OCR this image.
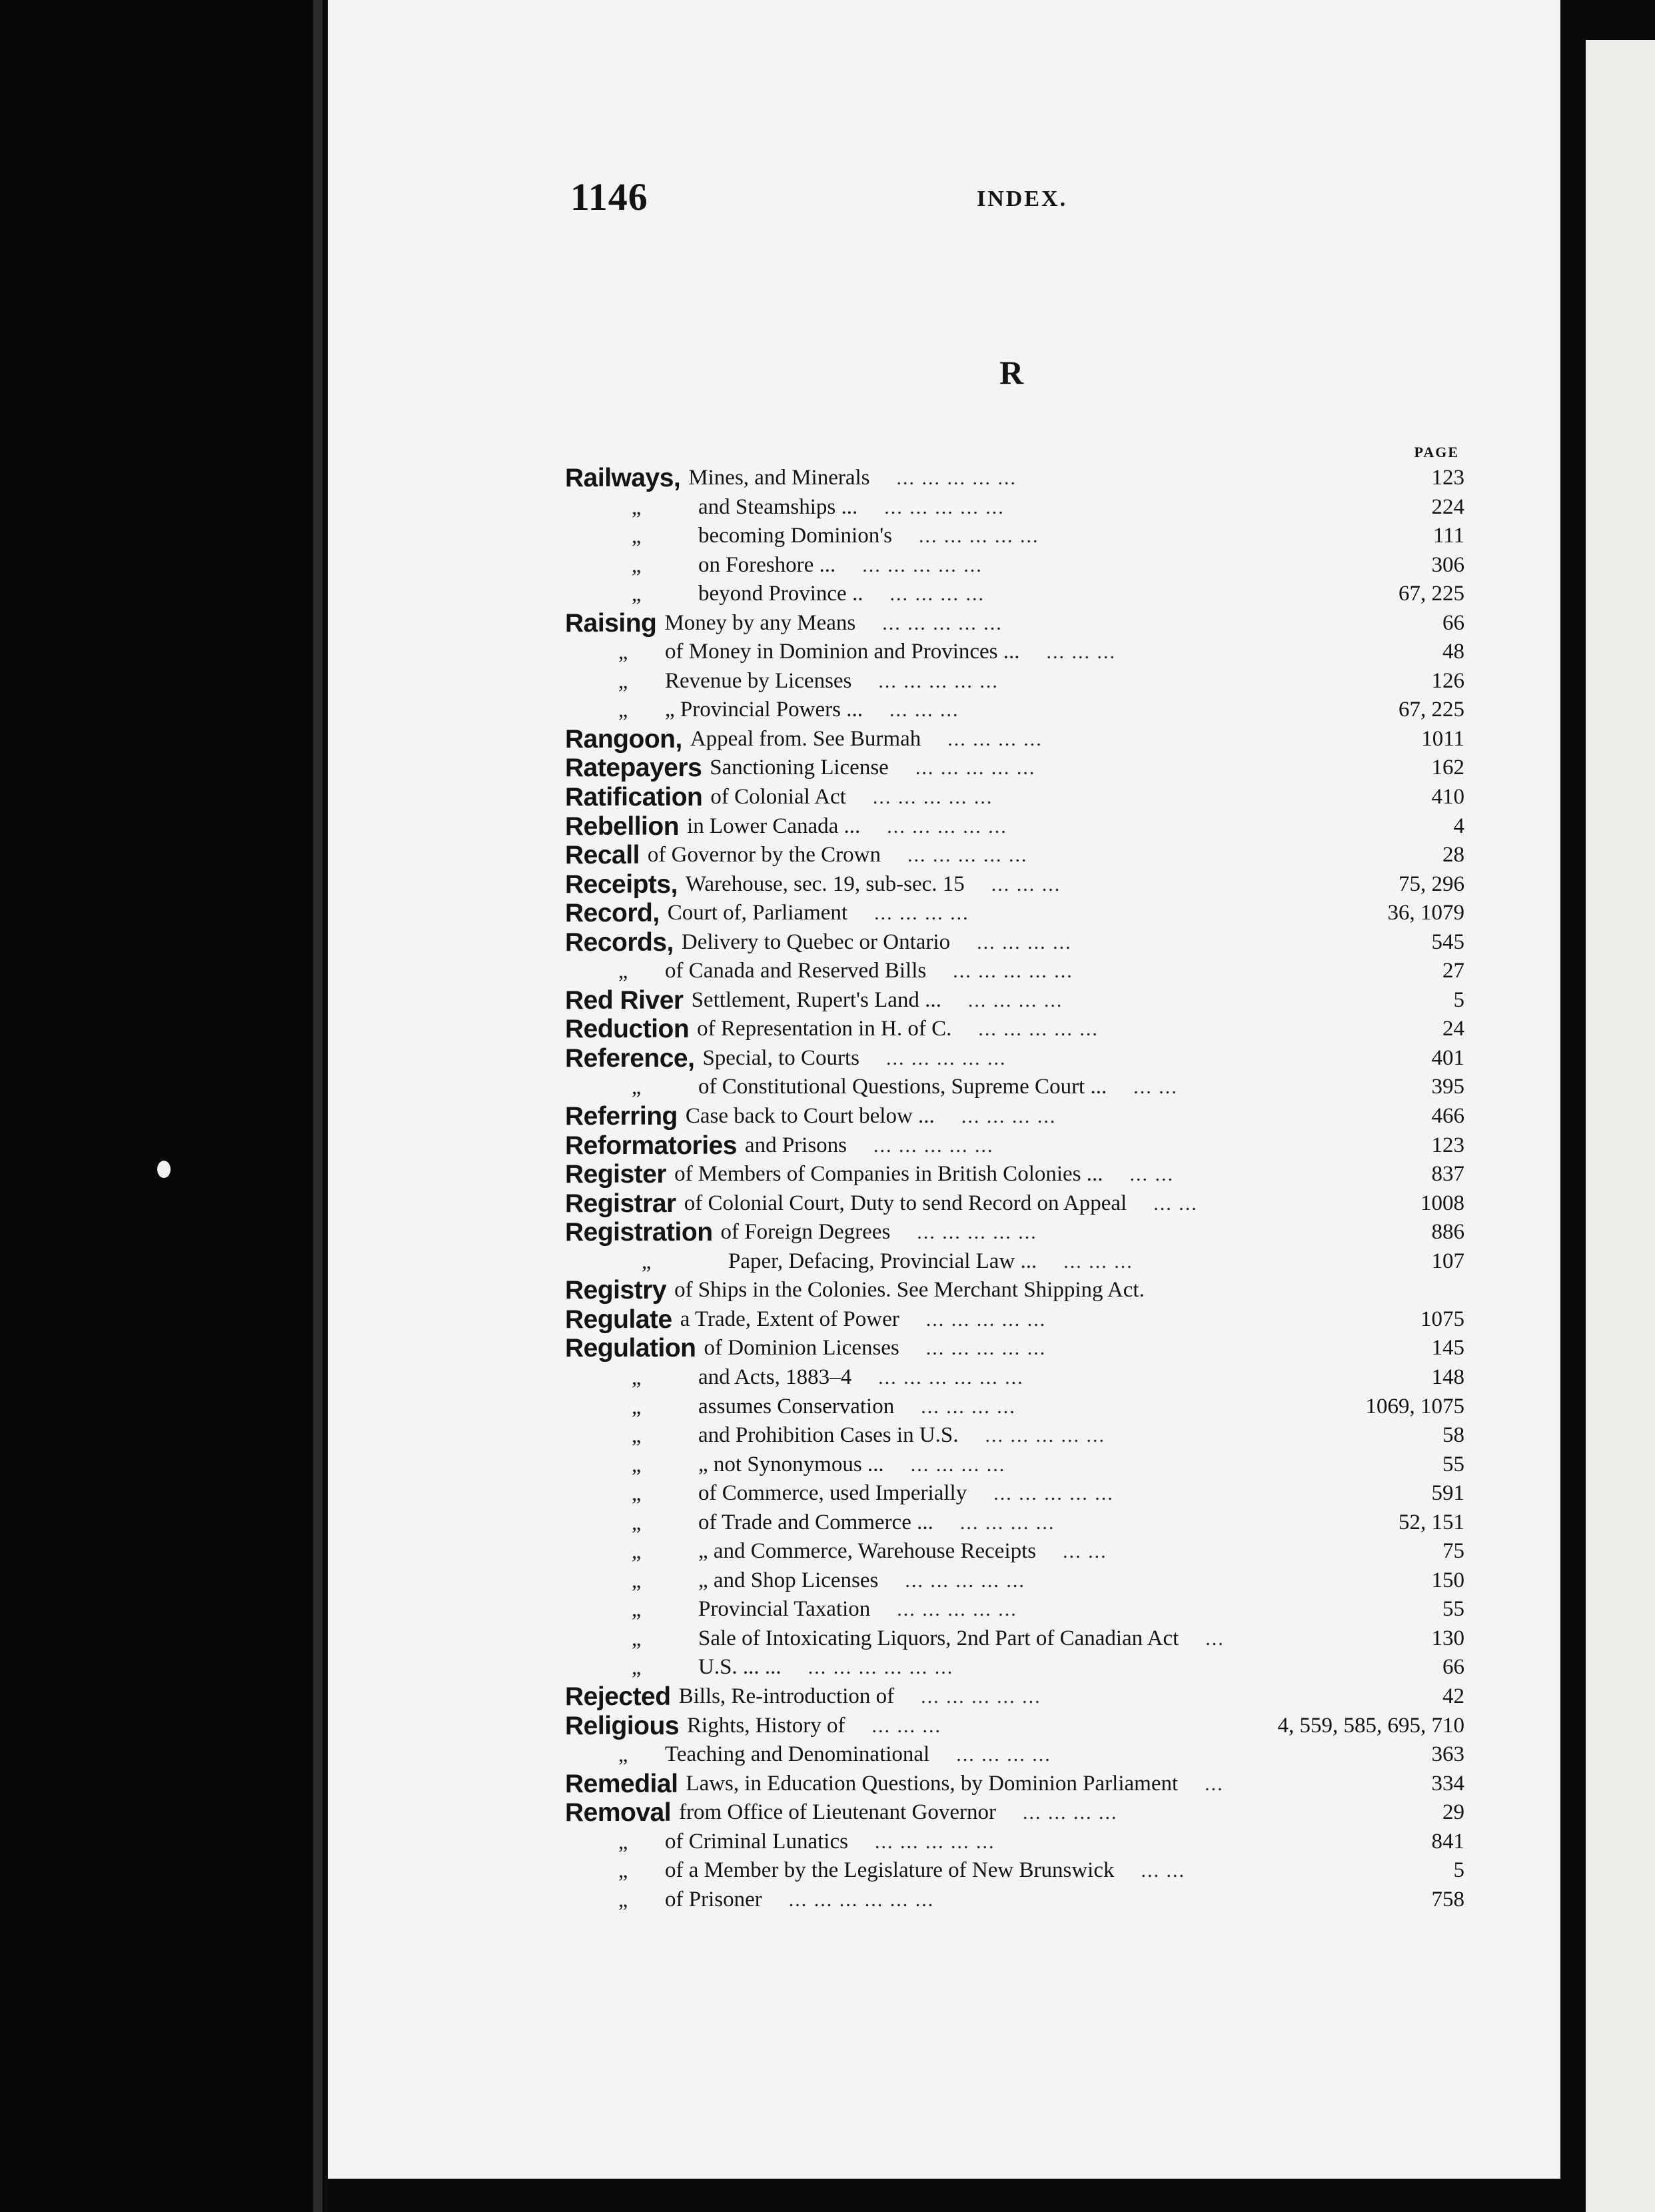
1146	INDEX.
R
PAGE
Railways, Mines, and Minerals ... ... ... ... ...	123
„	and Steamships ... ... ... ... ... ...	224
„	becoming Dominion's ... ... ... ... ...	111
„	on Foreshore ... ... ... ... ... ...	306
„	beyond Province .. ... ... ... ...	67, 225
Raising Money by any Means ... ... ... ... ...	66
„ of Money in Dominion and Provinces ... ... ... ...	48
„ Revenue by Licenses ... ... ... ... ...	126
„ „ Provincial Powers ... ... ... ...	67, 225
Rangoon, Appeal from. See Burmah ... ... ... ...	1011
Ratepayers Sanctioning License ... ... ... ... ...	162
Ratification of Colonial Act ... ... ... ... ...	410
Rebellion in Lower Canada ... ... ... ... ... ...	4
Recall of Governor by the Crown ... ... ... ... ...	28
Receipts, Warehouse, sec. 19, sub-sec. 15 ... ... ...	75, 296
Record, Court of, Parliament ... ... ... ...	36, 1079
Records, Delivery to Quebec or Ontario ... ... ... ...	545
„ of Canada and Reserved Bills ... ... ... ... ...	27
Red River Settlement, Rupert's Land ... ... ... ... ...	5
Reduction of Representation in H. of C. ... ... ... ... ...	24
Reference, Special, to Courts ... ... ... ... ...	401
„	of Constitutional Questions, Supreme Court ... ... ...	395
Referring Case back to Court below ... ... ... ... ...	466
Reformatories and Prisons ... ... ... ... ...	123
Register of Members of Companies in British Colonies ... ... ...	837
Registrar of Colonial Court, Duty to send Record on Appeal ... ...	1008
Registration of Foreign Degrees ... ... ... ... ...	886
„	Paper, Defacing, Provincial Law ... ... ... ...	107
Registry of Ships in the Colonies. See Merchant Shipping Act.
Regulate a Trade, Extent of Power ... ... ... ... ...	1075
Regulation of Dominion Licenses ... ... ... ... ...	145
„	and Acts, 1883–4 ... ... ... ... ... ...	148
„	assumes Conservation ... ... ... ...	1069, 1075
„	and Prohibition Cases in U.S. ... ... ... ... ...	58
„	„ not Synonymous ... ... ... ... ...	55
„	of Commerce, used Imperially ... ... ... ... ...	591
„	of Trade and Commerce ... ... ... ... ...	52, 151
„	„ and Commerce, Warehouse Receipts ... ...	75
„	„ and Shop Licenses ... ... ... ... ...	150
„	Provincial Taxation ... ... ... ... ...	55
„	Sale of Intoxicating Liquors, 2nd Part of Canadian Act ...	130
„	U.S. ... ... ... ... ... ... ... ...	66
Rejected Bills, Re-introduction of ... ... ... ... ...	42
Religious Rights, History of ... ... ...	4, 559, 585, 695, 710
„ Teaching and Denominational ... ... ... ...	363
Remedial Laws, in Education Questions, by Dominion Parliament ...	334
Removal from Office of Lieutenant Governor ... ... ... ...	29
„ of Criminal Lunatics ... ... ... ... ...	841
„ of a Member by the Legislature of New Brunswick ... ...	5
„ of Prisoner ... ... ... ... ... ...	758
